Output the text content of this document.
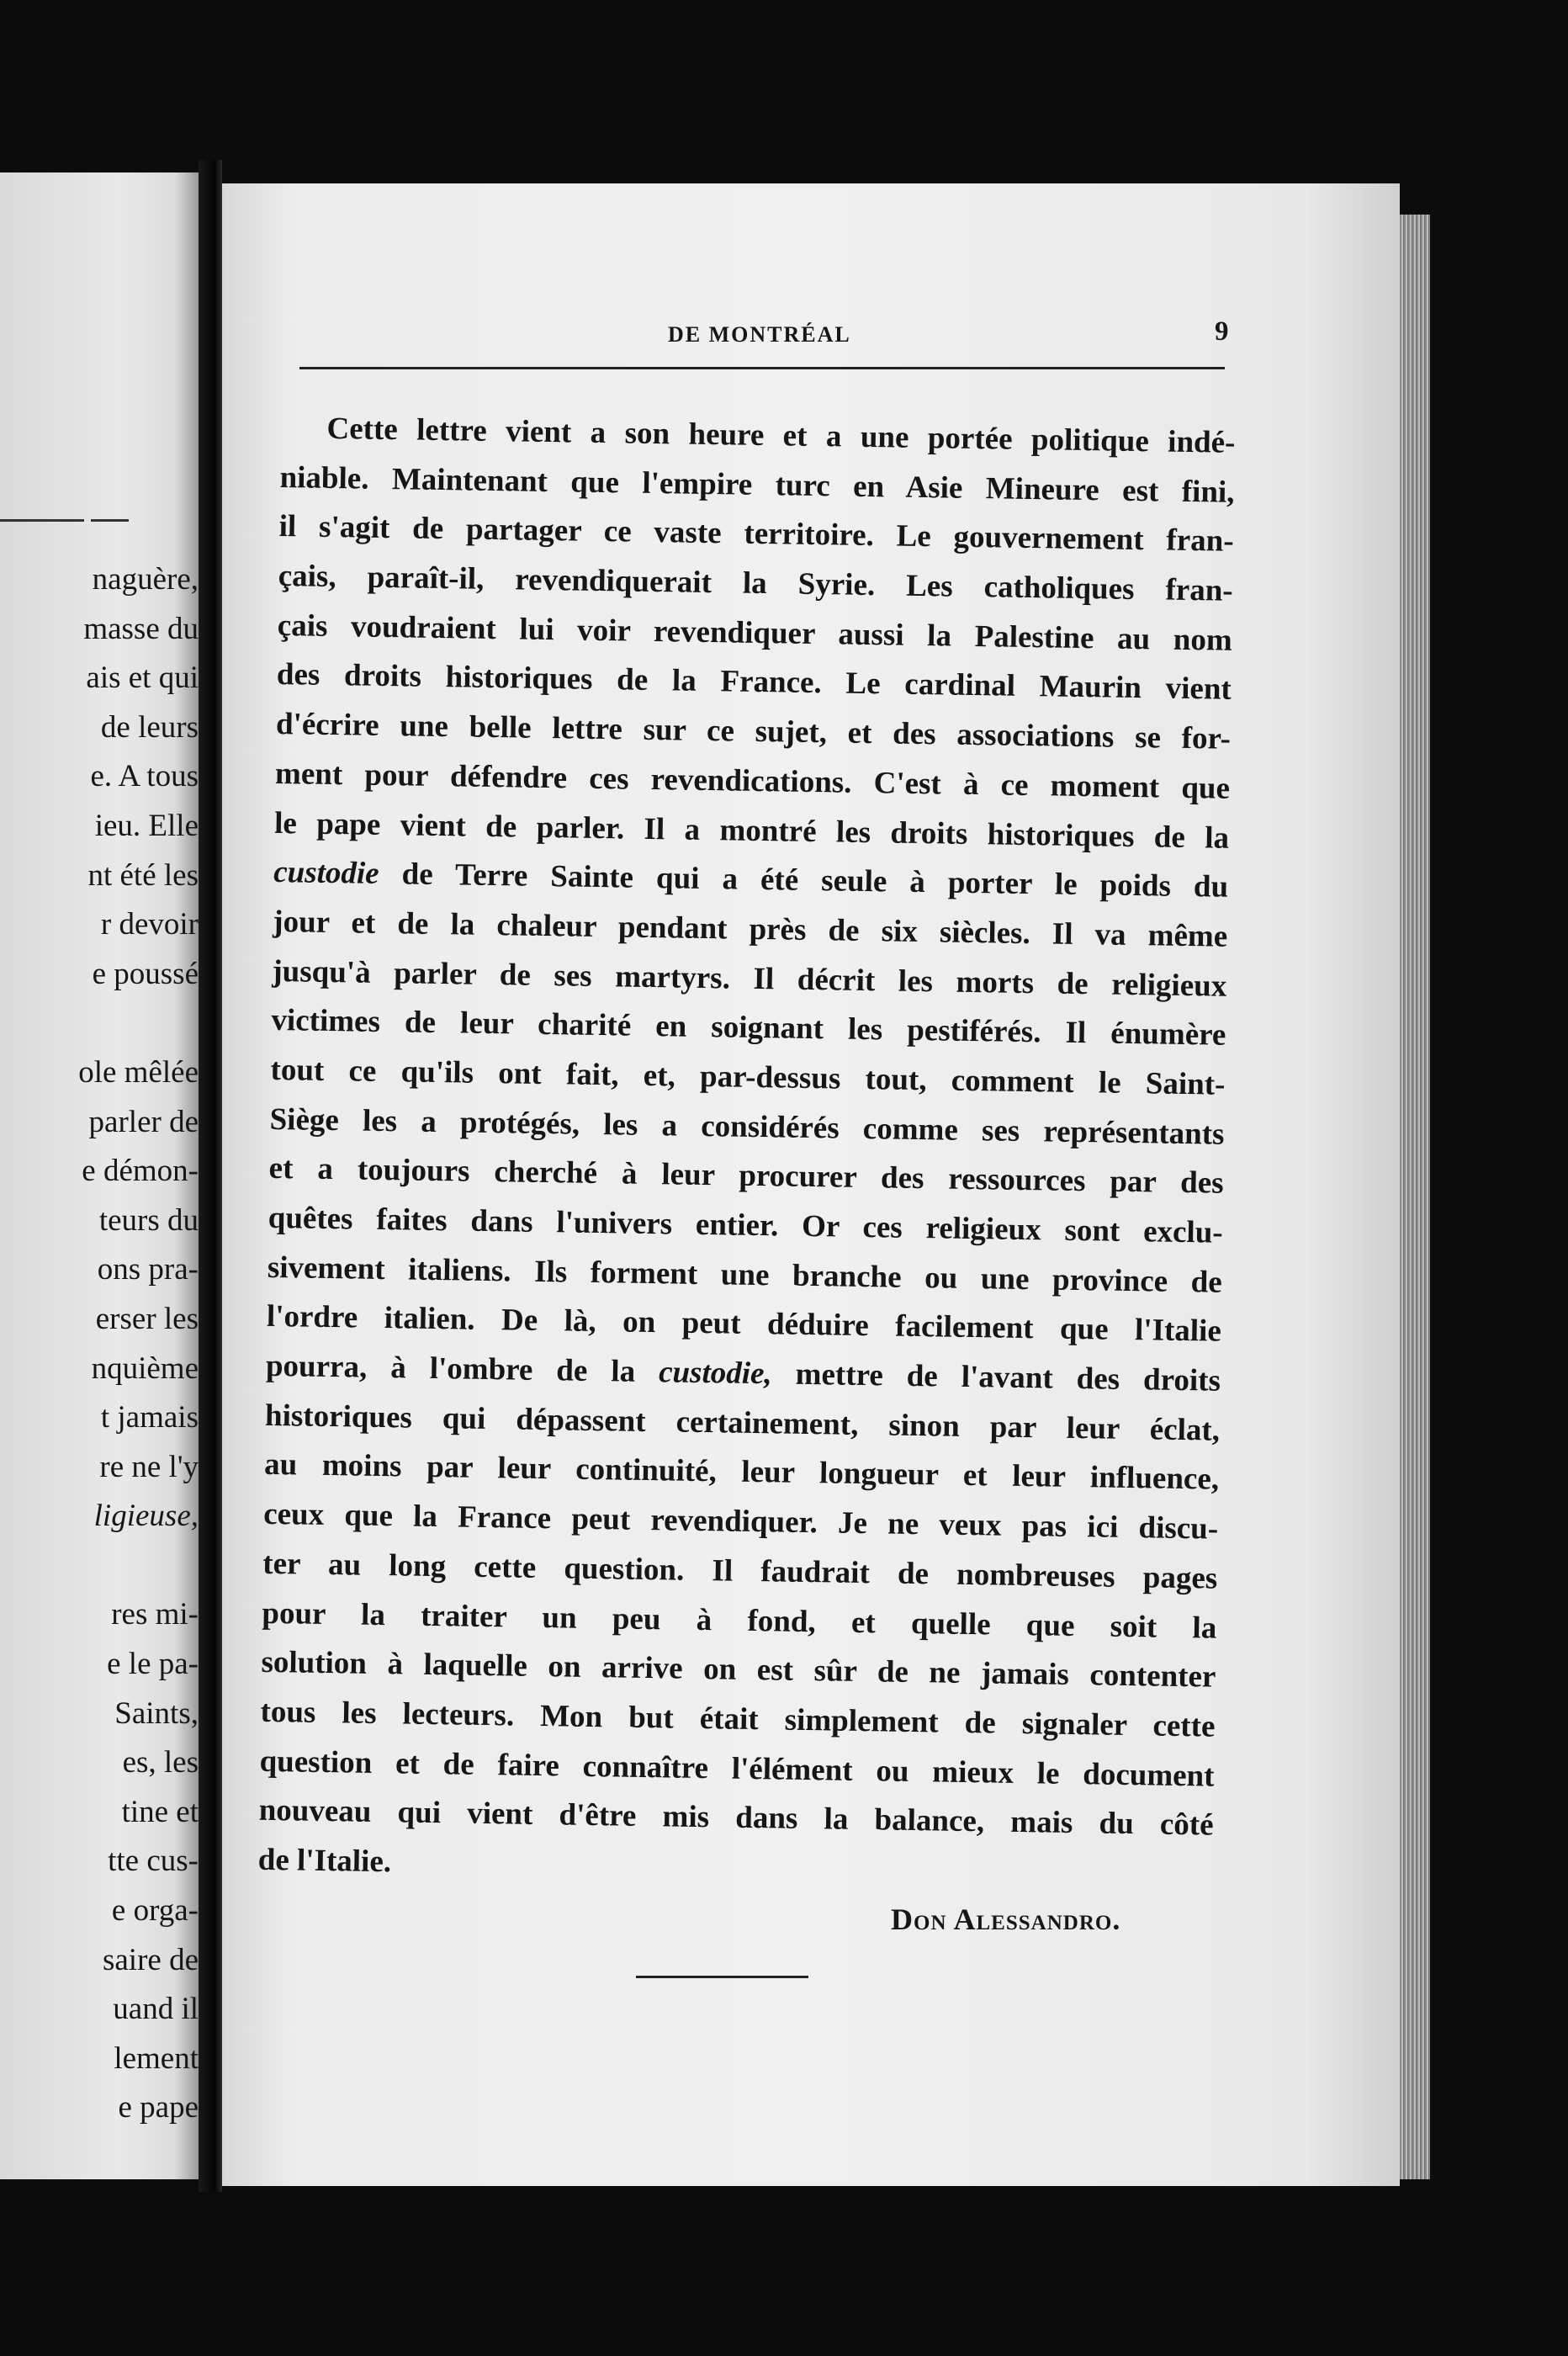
naguère,
masse du
ais et qui
de leurs
e. A tous
ieu. Elle
nt été les
r devoir
e poussé
ole mêlée
parler de
e démon-
teurs du
ons pra-
erser les
nquième
t jamais
re ne l'y
ligieuse,
res mi-
e le pa-
Saints,
es, les
tine et
tte cus-
e orga-
saire de
uand il
lement
e pape
DE MONTRÉAL	9
Cette lettre vient a son heure et a une portée politique indé-
niable. Maintenant que l'empire turc en Asie Mineure est fini,
il s'agit de partager ce vaste territoire. Le gouvernement fran-
çais, paraît-il, revendiquerait la Syrie. Les catholiques fran-
çais voudraient lui voir revendiquer aussi la Palestine au nom
des droits historiques de la France. Le cardinal Maurin vient
d'écrire une belle lettre sur ce sujet, et des associations se for-
ment pour défendre ces revendications. C'est à ce moment que
le pape vient de parler. Il a montré les droits historiques de la
custodie de Terre Sainte qui a été seule à porter le poids du
jour et de la chaleur pendant près de six siècles. Il va même
jusqu'à parler de ses martyrs. Il décrit les morts de religieux
victimes de leur charité en soignant les pestiférés. Il énumère
tout ce qu'ils ont fait, et, par-dessus tout, comment le Saint-
Siège les a protégés, les a considérés comme ses représentants
et a toujours cherché à leur procurer des ressources par des
quêtes faites dans l'univers entier. Or ces religieux sont exclu-
sivement italiens. Ils forment une branche ou une province de
l'ordre italien. De là, on peut déduire facilement que l'Italie
pourra, à l'ombre de la custodie, mettre de l'avant des droits
historiques qui dépassent certainement, sinon par leur éclat,
au moins par leur continuité, leur longueur et leur influence,
ceux que la France peut revendiquer. Je ne veux pas ici discu-
ter au long cette question. Il faudrait de nombreuses pages
pour la traiter un peu à fond, et quelle que soit la
solution à laquelle on arrive on est sûr de ne jamais contenter
tous les lecteurs. Mon but était simplement de signaler cette
question et de faire connaître l'élément ou mieux le document
nouveau qui vient d'être mis dans la balance, mais du côté
de l'Italie.
Don Alessandro.
